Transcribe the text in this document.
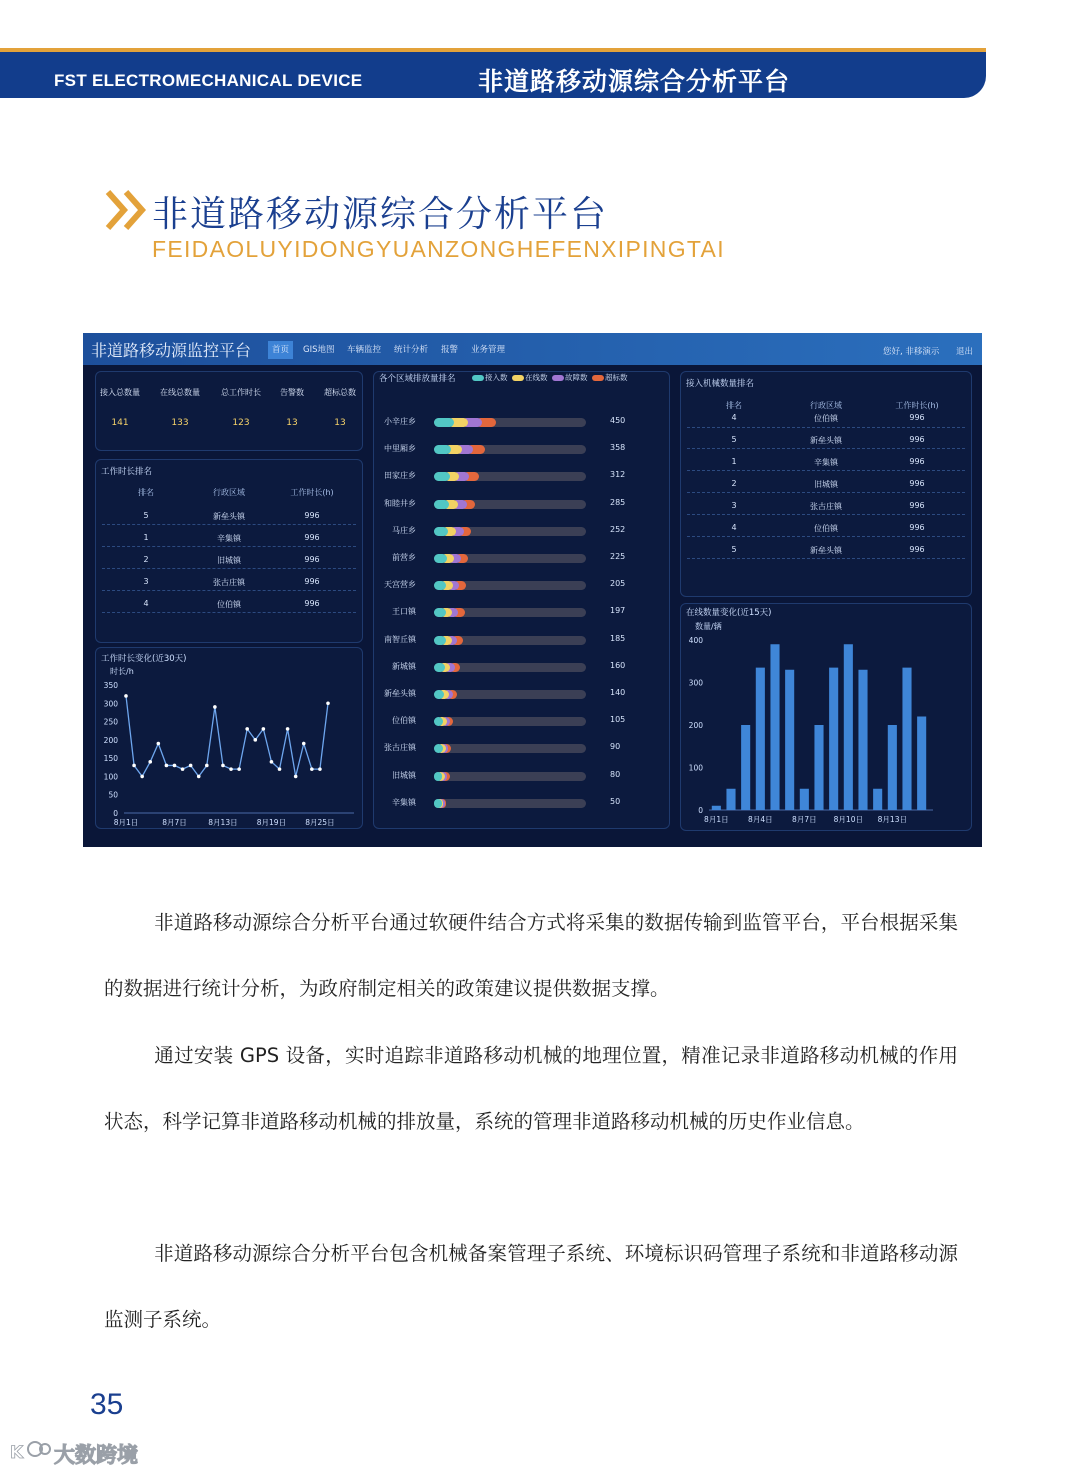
FST ELECTROMECHANICAL DEVICE	非道路移动源综合分析平台
非道路移动源综合分析平台
FEIDAOLUYIDONGYUANZONGHEFENXIPINGTAI
非道路移动源监控平台	首页	GIS地图	车辆监控	统计分析	报警	业务管理	您好, 非移演示 退出
接入总数量	在线总数量	总工作时长 告警数	超标总数
141	133	123	13	13
工作时长排名
排名	行政区域	工作时长(h)
5	新垒头镇	996
1	辛集镇	996
2	旧城镇	996
3	张古庄镇	996
4	位伯镇	996
工作时长变化(近30天)
时长/h
350
300
250
200
150
100
50
0
8月1日	8月7日	8月13日	8月19日	8月25日
各个区域排放量排名	接入数 在线数 故障数 超标数
小辛庄乡	450
中里厢乡	358
田家庄乡	312
和睦井乡	285
马庄乡	252
前营乡	225
天宫营乡	205
王口镇	197
南智丘镇	185
新城镇	160
新垒头镇	140
位伯镇	105
张古庄镇	90
旧城镇	80
辛集镇	50
接入机械数量排名
排名	行政区域	工作时长(h)
4	位伯镇	996
5	新垒头镇	996
1	辛集镇	996
2	旧城镇	996
3	张古庄镇	996
4	位伯镇	996
5	新垒头镇	996
在线数量变化(近15天)
数量/辆
400
300
200
100
0
8月1日	8月4日	8月7日 8月10日 8月13日

非道路移动源综合分析平台通过软硬件结合方式将采集的数据传输到监管平台，平台根据采集的数据进行统计分析，为政府制定相关的政策建议提供数据支撑。

通过安装 GPS 设备，实时追踪非道路移动机械的地理位置，精准记录非道路移动机械的作用状态，科学记算非道路移动机械的排放量，系统的管理非道路移动机械的历史作业信息。

非道路移动源综合分析平台包含机械备案管理子系统、环境标识码管理子系统和非道路移动源监测子系统。

35
K 大数跨境
